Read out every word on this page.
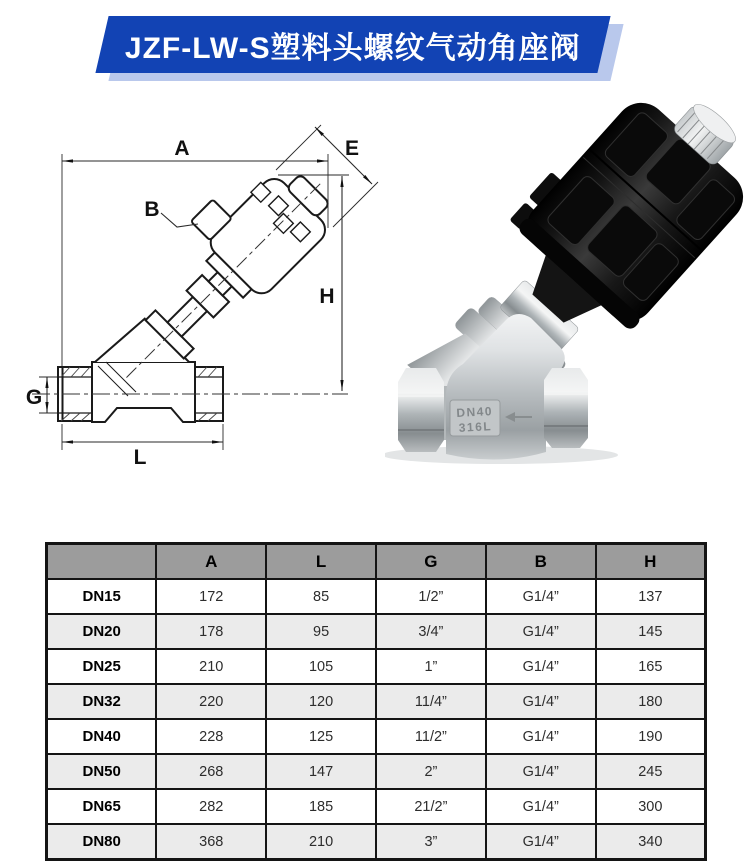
JZF-LW-S塑料头螺纹气动角座阀
A
B
E
G
H
L
DN40
316L
	A	L	G	B	H
DN15	172	85	1/2”	G1/4”	137
DN20	178	95	3/4”	G1/4”	145
DN25	210	105	1”	G1/4”	165
DN32	220	120	11/4”	G1/4”	180
DN40	228	125	11/2”	G1/4”	190
DN50	268	147	2”	G1/4”	245
DN65	282	185	21/2”	G1/4”	300
DN80	368	210	3”	G1/4”	340
